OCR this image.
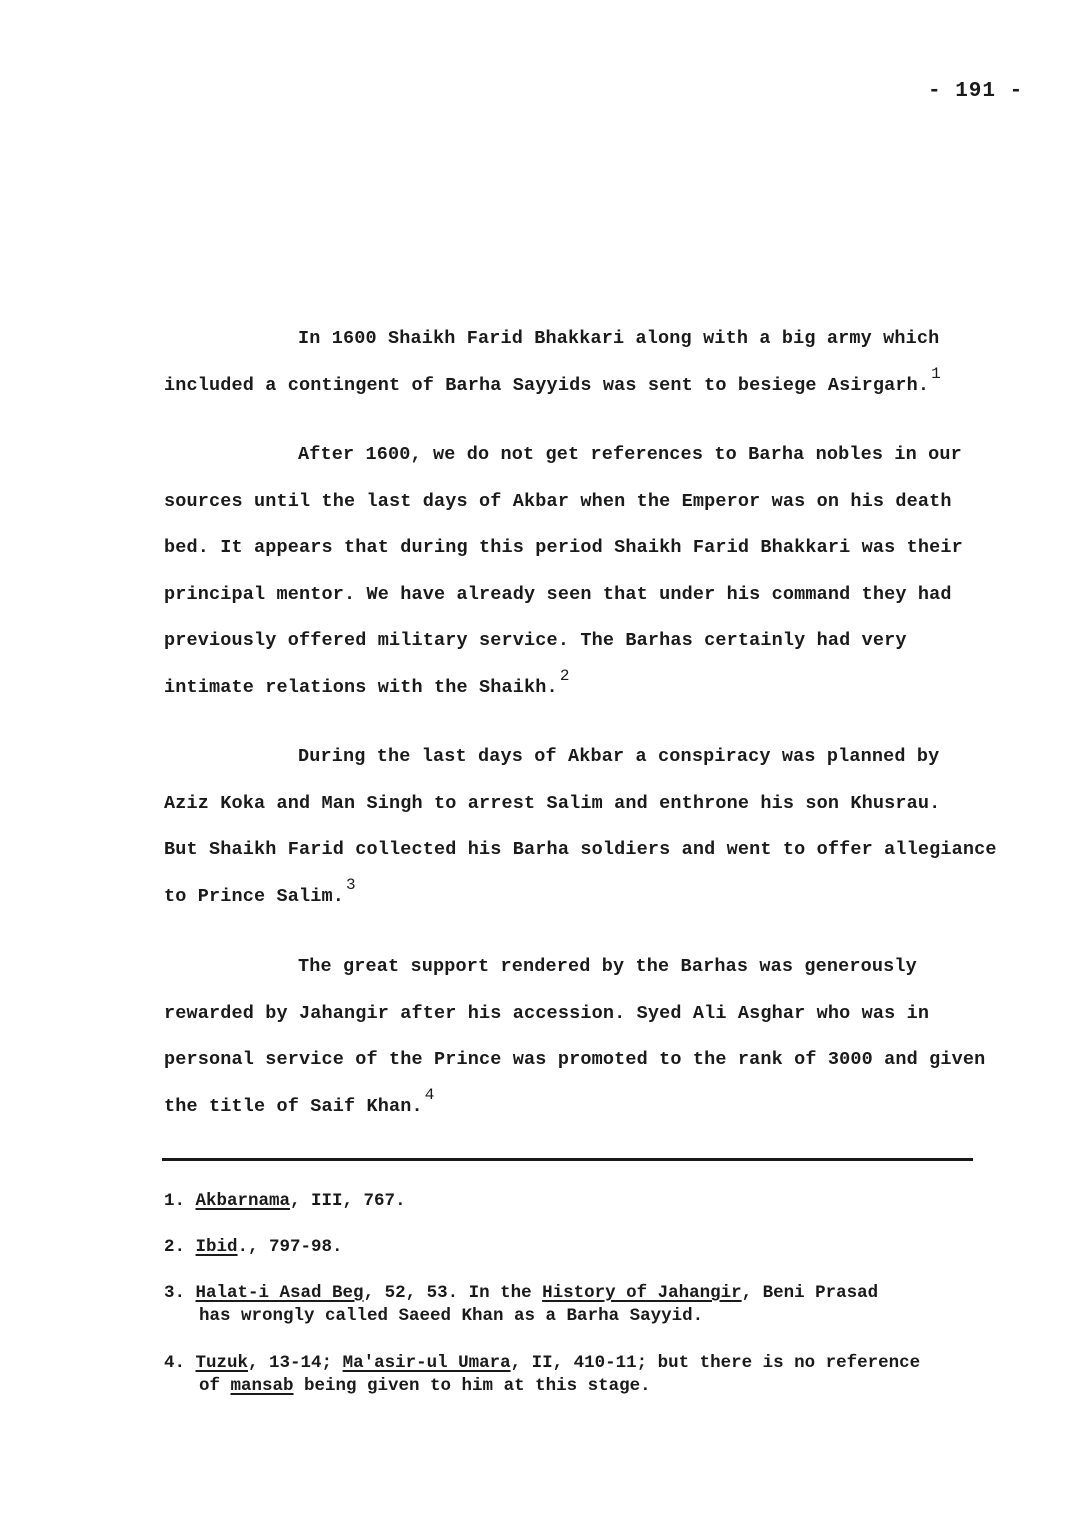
- 191 -
In 1600 Shaikh Farid Bhakkari along with a big army which
included a contingent of Barha Sayyids was sent to besiege Asirgarh.$^1$
After 1600, we do not get references to Barha nobles in our
sources until the last days of Akbar when the Emperor was on his death
bed. It appears that during this period Shaikh Farid Bhakkari was their
principal mentor. We have already seen that under his command they had
previously offered military service. The Barhas certainly had very
intimate relations with the Shaikh.$^2$
During the last days of Akbar a conspiracy was planned by
Aziz Koka and Man Singh to arrest Salim and enthrone his son Khusrau.
But Shaikh Farid collected his Barha soldiers and went to offer allegiance
to Prince Salim.$^3$
The great support rendered by the Barhas was generously
rewarded by Jahangir after his accession. Syed Ali Asghar who was in
personal service of the Prince was promoted to the rank of 3000 and given
the title of Saif Khan.$^4$
1. Akbarnama, III, 767.
2. Ibid., 797-98.
3. Halat-i Asad Beg, 52, 53. In the History of Jahangir, Beni Prasad
has wrongly called Saeed Khan as a Barha Sayyid.
4. Tuzuk, 13-14; Ma'asir-ul Umara, II, 410-11; but there is no reference
of mansab being given to him at this stage.
